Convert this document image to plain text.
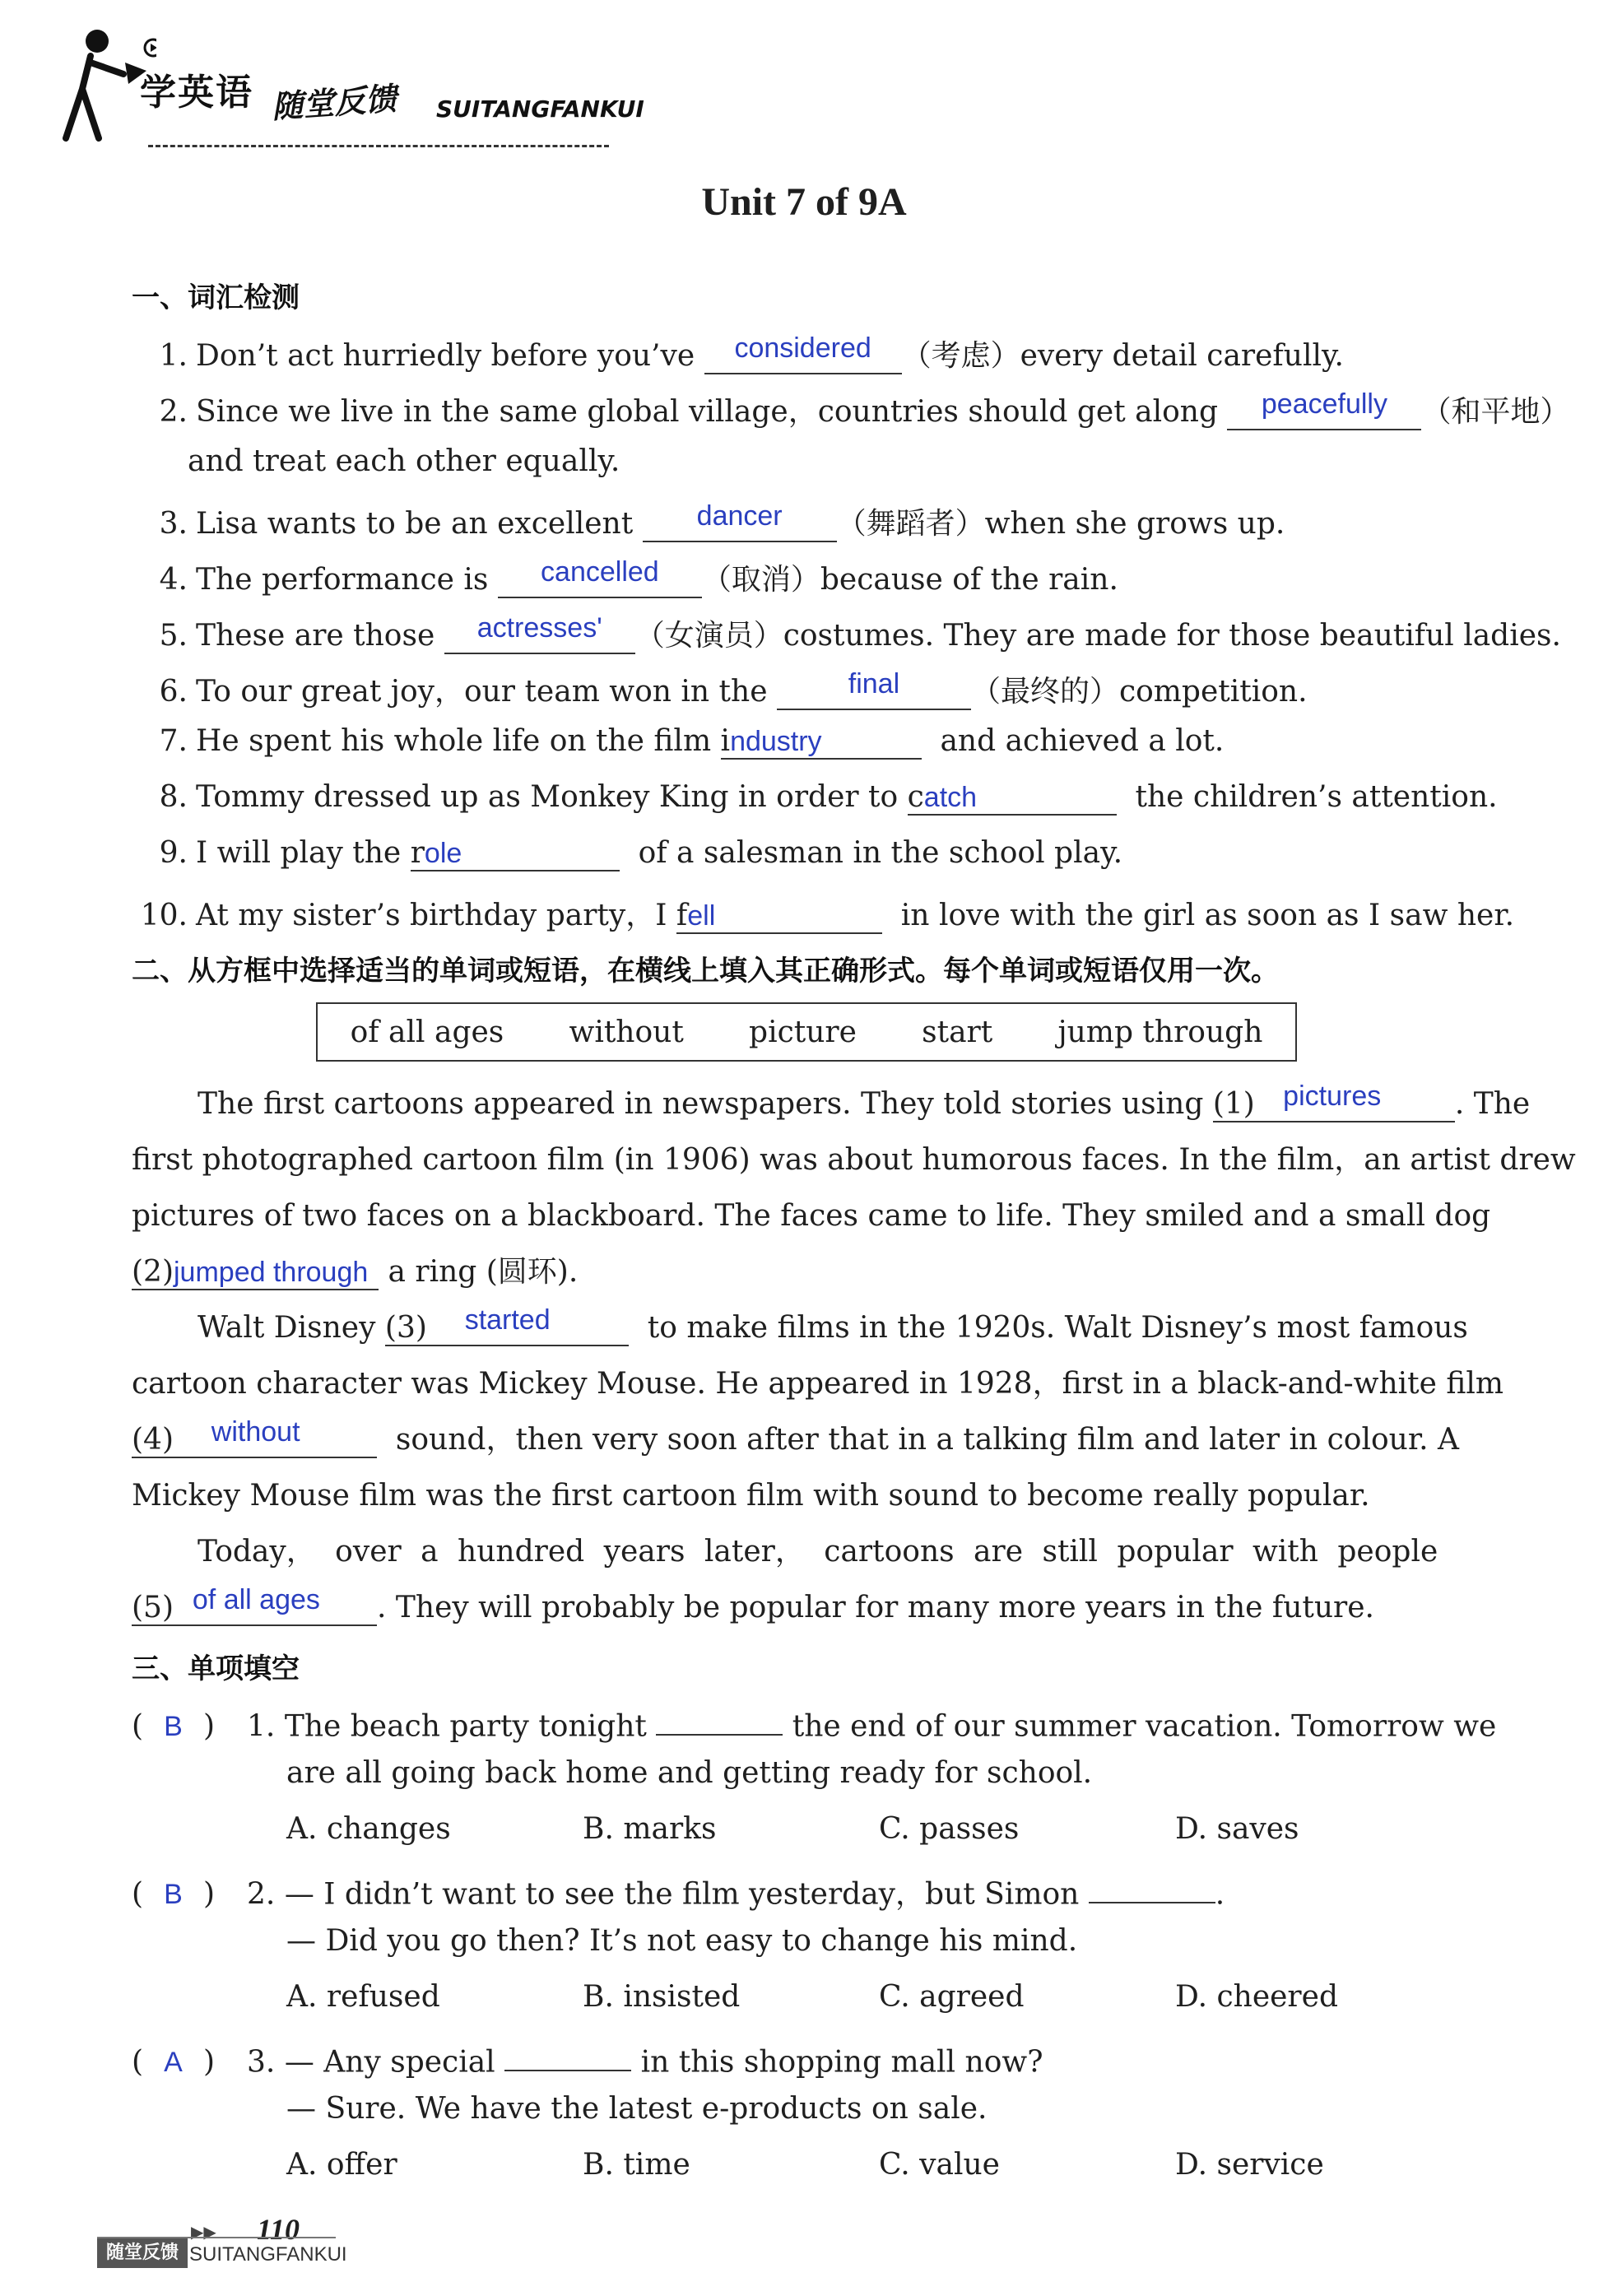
学英语 随堂反馈 SUITANGFANKUI
Unit 7 of 9A
一、词汇检测
1. Don’t act hurriedly before you’ve considered （考虑）every detail carefully.
2. Since we live in the same global village，countries should get along peacefully （和平地）
and treat each other equally.
3. Lisa wants to be an excellent dancer （舞蹈者）when she grows up.
4. The performance is cancelled （取消）because of the rain.
5. These are those actresses' （女演员）costumes. They are made for those beautiful ladies.
6. To our great joy，our team won in the	final （最终的）competition.
7. He spent his whole life on the film industry	and achieved a lot.
8. Tommy dressed up as Monkey King in order to catch	the children’s attention.
9. I will play the role	of a salesman in the school play.
10. At my sister’s birthday party，I fell	in love with the girl as soon as I saw her.
二、从方框中选择适当的单词或短语，在横线上填入其正确形式。每个单词或短语仅用一次。
of all ages without picture start jump through
The first cartoons appeared in newspapers. They told stories using (1) pictures . The
first photographed cartoon film (in 1906) was about humorous faces. In the film，an artist drew
pictures of two faces on a blackboard. The faces came to life. They smiled and a small dog
(2)jumped through a ring (圆环).
Walt Disney (3) started	to make films in the 1920s. Walt Disney’s most famous
cartoon character was Mickey Mouse. He appeared in 1928，first in a black-and-white film
(4) without	sound，then very soon after that in a talking film and later in colour. A
Mickey Mouse film was the first cartoon film with sound to become really popular.
Today， over a hundred years later， cartoons are still popular with people
(5) of all ages . They will probably be popular for many more years in the future.
三、单项填空
( B ) 1. The beach party tonight	the end of our summer vacation. Tomorrow we
are all going back home and getting ready for school.
A. changes	B. marks	C. passes	D. saves
( B ) 2. — I didn’t want to see the film yesterday，but Simon	.
— Did you go then? It’s not easy to change his mind.
A. refused	B. insisted	C. agreed	D. cheered
( A ) 3. — Any special	in this shopping mall now?
— Sure. We have the latest e-products on sale.
A. offer	B. time	C. value	D. service
▶▶ 110
随堂反馈 SUITANGFANKUI
